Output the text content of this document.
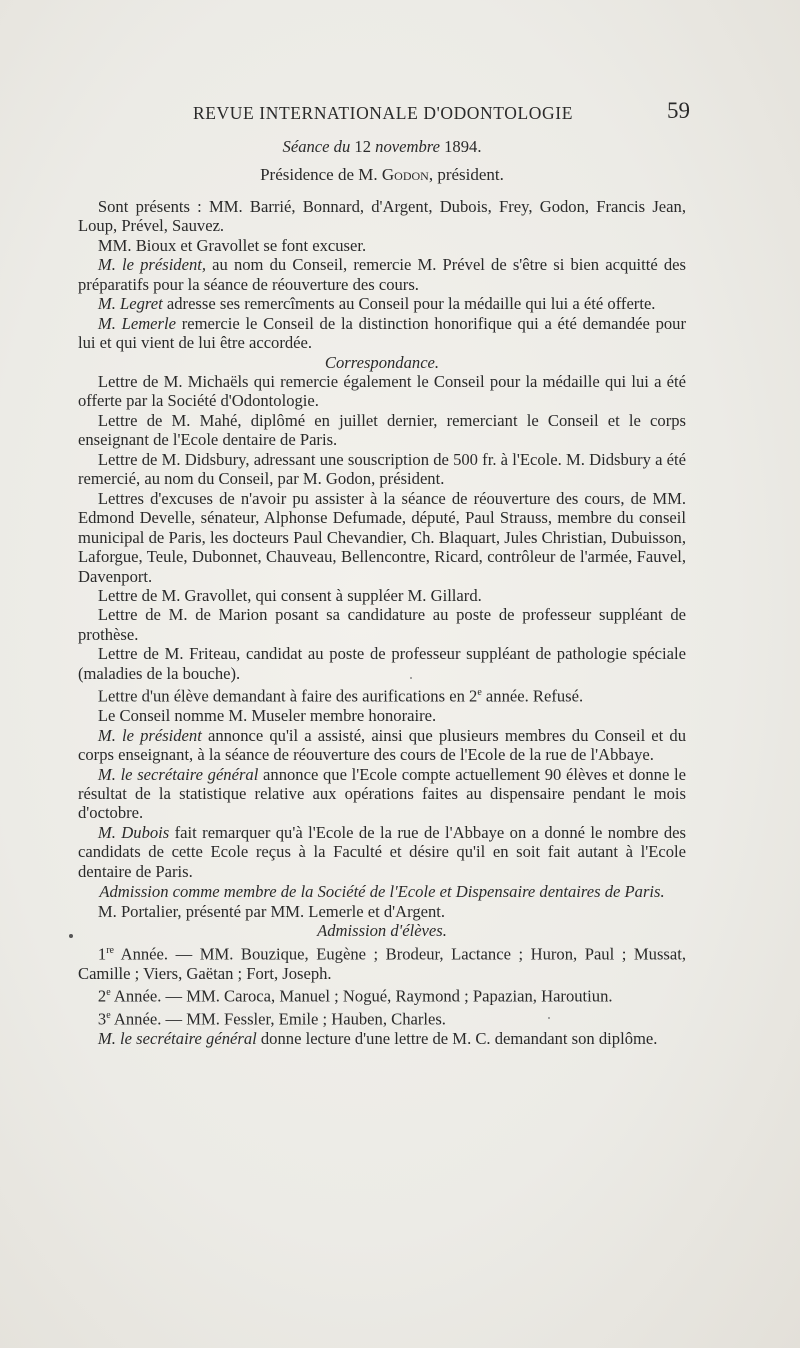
REVUE INTERNATIONALE D'ODONTOLOGIE	59

Séance du 12 novembre 1894.

Présidence de M. Godon, président.

Sont présents : MM. Barrié, Bonnard, d'Argent, Dubois, Frey, Godon, Francis Jean, Loup, Prével, Sauvez.

MM. Bioux et Gravollet se font excuser.

M. le président, au nom du Conseil, remercie M. Prével de s'être si bien acquitté des préparatifs pour la séance de réouverture des cours.

M. Legret adresse ses remercîments au Conseil pour la médaille qui lui a été offerte.

M. Lemerle remercie le Conseil de la distinction honorifique qui a été demandée pour lui et qui vient de lui être accordée.

Correspondance.

Lettre de M. Michaëls qui remercie également le Conseil pour la médaille qui lui a été offerte par la Société d'Odontologie.

Lettre de M. Mahé, diplômé en juillet dernier, remerciant le Conseil et le corps enseignant de l'Ecole dentaire de Paris.

Lettre de M. Didsbury, adressant une souscription de 500 fr. à l'Ecole. M. Didsbury a été remercié, au nom du Conseil, par M. Godon, président.

Lettres d'excuses de n'avoir pu assister à la séance de réouverture des cours, de MM. Edmond Develle, sénateur, Alphonse Defumade, député, Paul Strauss, membre du conseil municipal de Paris, les docteurs Paul Chevandier, Ch. Blaquart, Jules Christian, Dubuisson, Laforgue, Teule, Dubonnet, Chauveau, Bellencontre, Ricard, contrôleur de l'armée, Fauvel, Davenport.

Lettre de M. Gravollet, qui consent à suppléer M. Gillard.

Lettre de M. de Marion posant sa candidature au poste de professeur suppléant de prothèse.

Lettre de M. Friteau, candidat au poste de professeur suppléant de pathologie spéciale (maladies de la bouche).

Lettre d'un élève demandant à faire des aurifications en 2e année. Refusé.

Le Conseil nomme M. Museler membre honoraire.

M. le président annonce qu'il a assisté, ainsi que plusieurs membres du Conseil et du corps enseignant, à la séance de réouverture des cours de l'Ecole de la rue de l'Abbaye.

M. le secrétaire général annonce que l'Ecole compte actuellement 90 élèves et donne le résultat de la statistique relative aux opérations faites au dispensaire pendant le mois d'octobre.

M. Dubois fait remarquer qu'à l'Ecole de la rue de l'Abbaye on a donné le nombre des candidats de cette Ecole reçus à la Faculté et désire qu'il en soit fait autant à l'Ecole dentaire de Paris.

Admission comme membre de la Société de l'Ecole et Dispensaire dentaires de Paris.

M. Portalier, présenté par MM. Lemerle et d'Argent.

Admission d'élèves.

1re Année. — MM. Bouzique, Eugène ; Brodeur, Lactance ; Huron, Paul ; Mussat, Camille ; Viers, Gaëtan ; Fort, Joseph.

2e Année. — MM. Caroca, Manuel ; Nogué, Raymond ; Papazian, Haroutiun.

3e Année. — MM. Fessler, Emile ; Hauben, Charles.

M. le secrétaire général donne lecture d'une lettre de M. C. demandant son diplôme.
